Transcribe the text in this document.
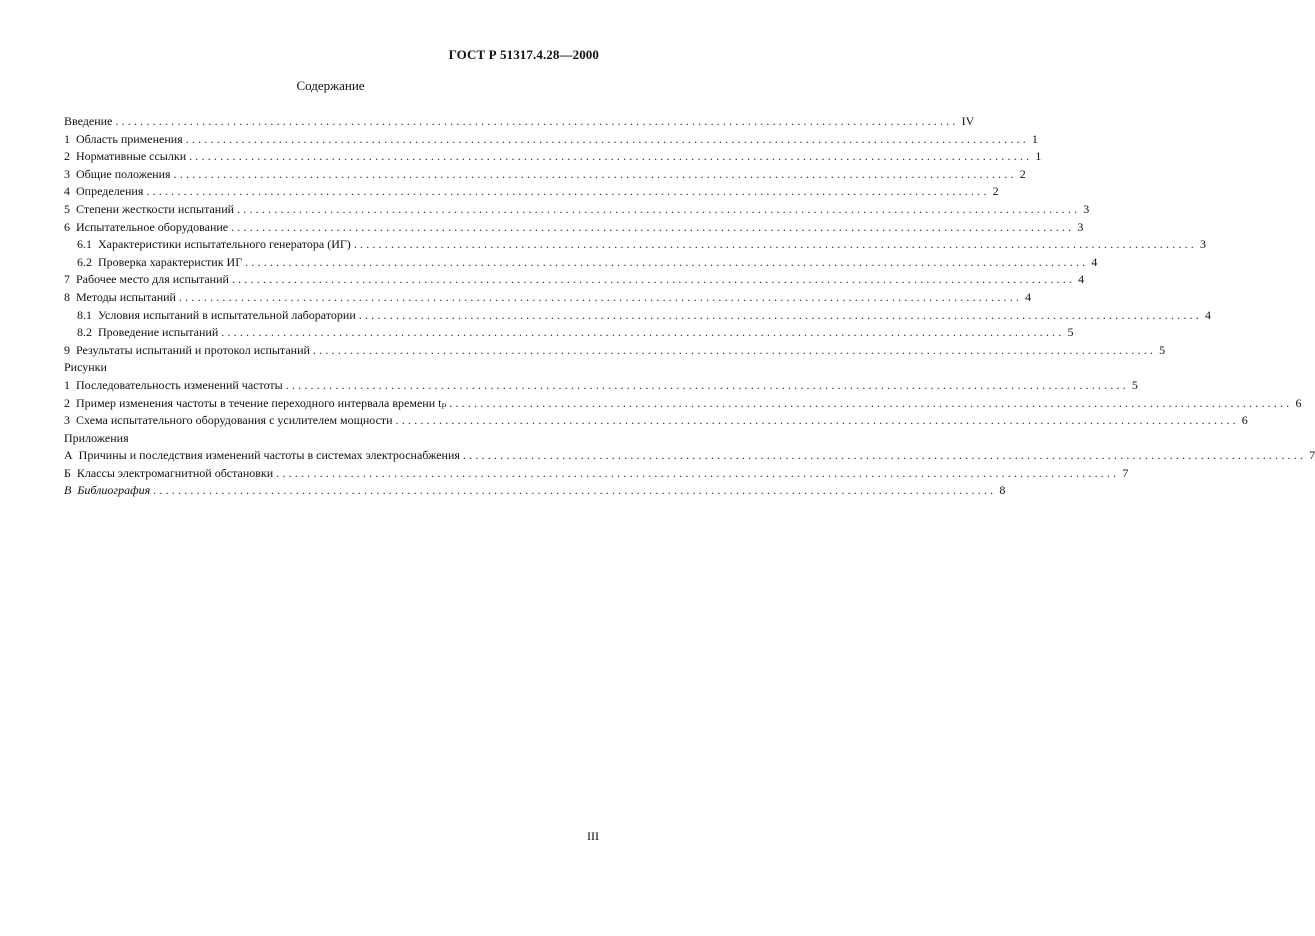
ГОСТ Р 51317.4.28—2000
Содержание
Введение ........................................................................................................................................ IV
1 Область применения ........................................................................................................................................ 1
2 Нормативные ссылки ........................................................................................................................................ 1
3 Общие положения ........................................................................................................................................ 2
4 Определения ........................................................................................................................................ 2
5 Степени жесткости испытаний ........................................................................................................................................ 3
6 Испытательное оборудование ........................................................................................................................................ 3
6.1 Характеристики испытательного генератора (ИГ) ........................................................................................................................................ 3
6.2 Проверка характеристик ИГ ........................................................................................................................................ 4
7 Рабочее место для испытаний ........................................................................................................................................ 4
8 Методы испытаний ........................................................................................................................................ 4
8.1 Условия испытаний в испытательной лаборатории ........................................................................................................................................ 4
8.2 Проведение испытаний ........................................................................................................................................ 5
9 Результаты испытаний и протокол испытаний ........................................................................................................................................ 5
Рисунки
1 Последовательность изменений частоты ........................................................................................................................................ 5
2 Пример изменения частоты в течение переходного интервала времени tₚ ........................................................................................................................................ 6
3 Схема испытательного оборудования с усилителем мощности ........................................................................................................................................ 6
Приложения
А Причины и последствия изменений частоты в системах электроснабжения ........................................................................................................................................ 7
Б Классы электромагнитной обстановки ........................................................................................................................................ 7
В Библиография ........................................................................................................................................ 8
III
